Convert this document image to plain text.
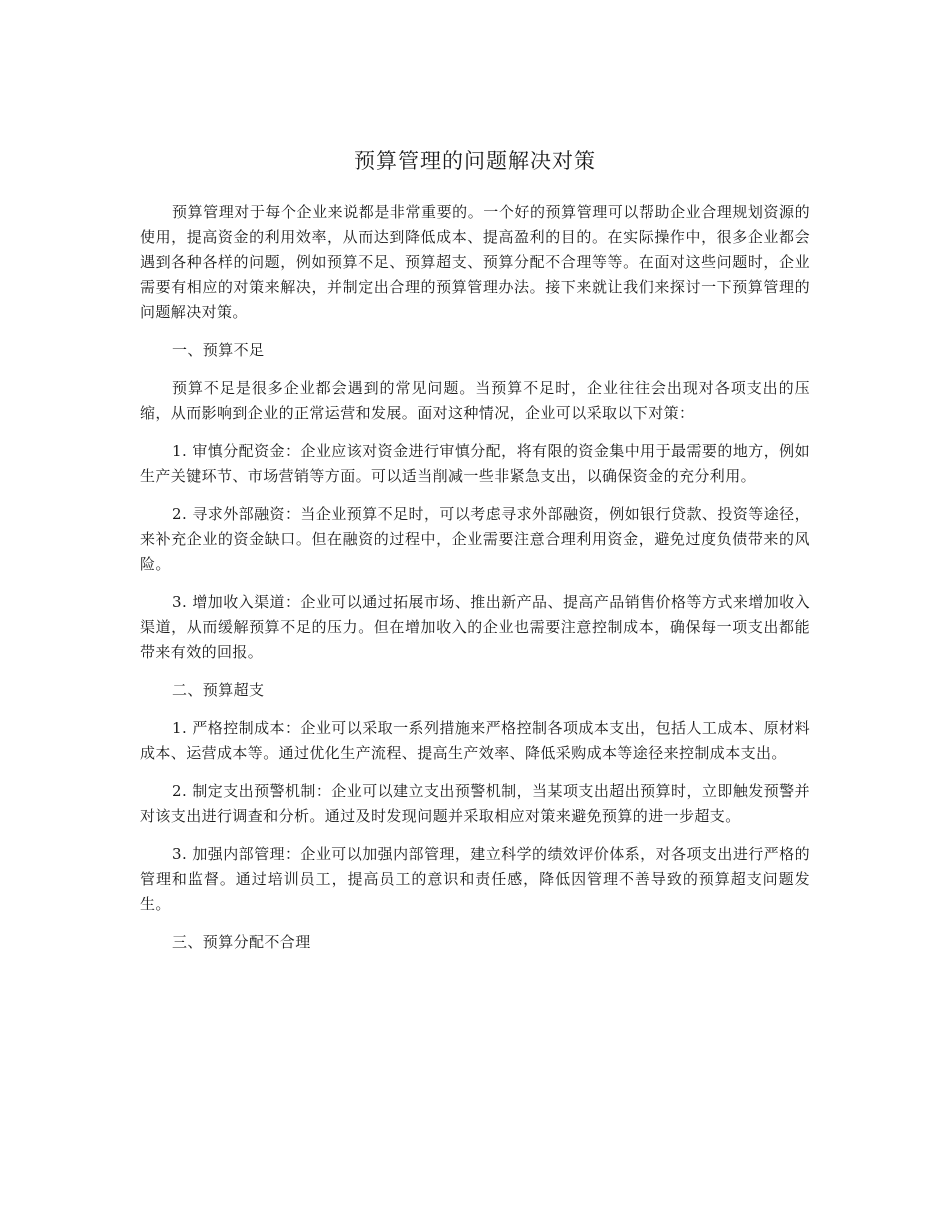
预算管理的问题解决对策

预算管理对于每个企业来说都是非常重要的。一个好的预算管理可以帮助企业合理规划资源的使用，提高资金的利用效率，从而达到降低成本、提高盈利的目的。在实际操作中，很多企业都会遇到各种各样的问题，例如预算不足、预算超支、预算分配不合理等等。在面对这些问题时，企业需要有相应的对策来解决，并制定出合理的预算管理办法。接下来就让我们来探讨一下预算管理的问题解决对策。

一、预算不足

预算不足是很多企业都会遇到的常见问题。当预算不足时，企业往往会出现对各项支出的压缩，从而影响到企业的正常运营和发展。面对这种情况，企业可以采取以下对策：

1. 审慎分配资金：企业应该对资金进行审慎分配，将有限的资金集中用于最需要的地方，例如生产关键环节、市场营销等方面。可以适当削减一些非紧急支出，以确保资金的充分利用。

2. 寻求外部融资：当企业预算不足时，可以考虑寻求外部融资，例如银行贷款、投资等途径，来补充企业的资金缺口。但在融资的过程中，企业需要注意合理利用资金，避免过度负债带来的风险。

3. 增加收入渠道：企业可以通过拓展市场、推出新产品、提高产品销售价格等方式来增加收入渠道，从而缓解预算不足的压力。但在增加收入的企业也需要注意控制成本，确保每一项支出都能带来有效的回报。

二、预算超支

1. 严格控制成本：企业可以采取一系列措施来严格控制各项成本支出，包括人工成本、原材料成本、运营成本等。通过优化生产流程、提高生产效率、降低采购成本等途径来控制成本支出。

2. 制定支出预警机制：企业可以建立支出预警机制，当某项支出超出预算时，立即触发预警并对该支出进行调查和分析。通过及时发现问题并采取相应对策来避免预算的进一步超支。

3. 加强内部管理：企业可以加强内部管理，建立科学的绩效评价体系，对各项支出进行严格的管理和监督。通过培训员工，提高员工的意识和责任感，降低因管理不善导致的预算超支问题发生。

三、预算分配不合理
